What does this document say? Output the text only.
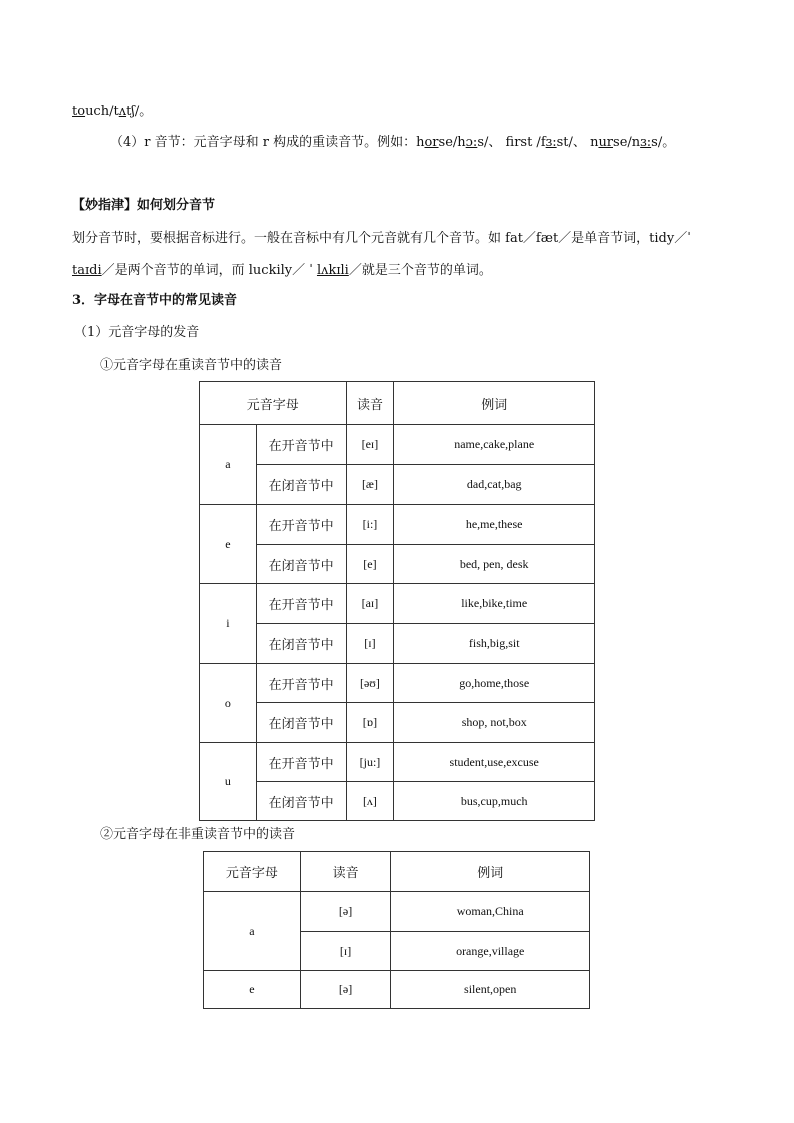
touch/tʌtʃ/。
（4）r 音节：元音字母和 r 构成的重读音节。例如：horse/hɔ:s/、 first /fɜ:st/、 nurse/nɜ:s/。
【妙指津】如何划分音节
划分音节时，要根据音标进行。一般在音标中有几个元音就有几个音节。如 fat／fæt／是单音节词，tidy／ˈ
taɪdi／是两个音节的单词，而 luckily／ ˈ lʌkɪli／就是三个音节的单词。
3．字母在音节中的常见读音
（1）元音字母的发音
①元音字母在重读音节中的读音
元音字母		读音	例词
a	在开音节中	[eɪ]	name,cake,plane
	在闭音节中	[æ]	dad,cat,bag
e	在开音节中	[i:]	he,me,these
	在闭音节中	[e]	bed, pen, desk
i	在开音节中	[aɪ]	like,bike,time
	在闭音节中	[ɪ]	fish,big,sit
o	在开音节中	[əʊ]	go,home,those
	在闭音节中	[ɒ]	shop, not,box
u	在开音节中	[ju:]	student,use,excuse
	在闭音节中	[ʌ]	bus,cup,much
②元音字母在非重读音节中的读音
元音字母	读音	例词
a	[ə]	woman,China
	[ɪ]	orange,village
e	[ə]	silent,open
